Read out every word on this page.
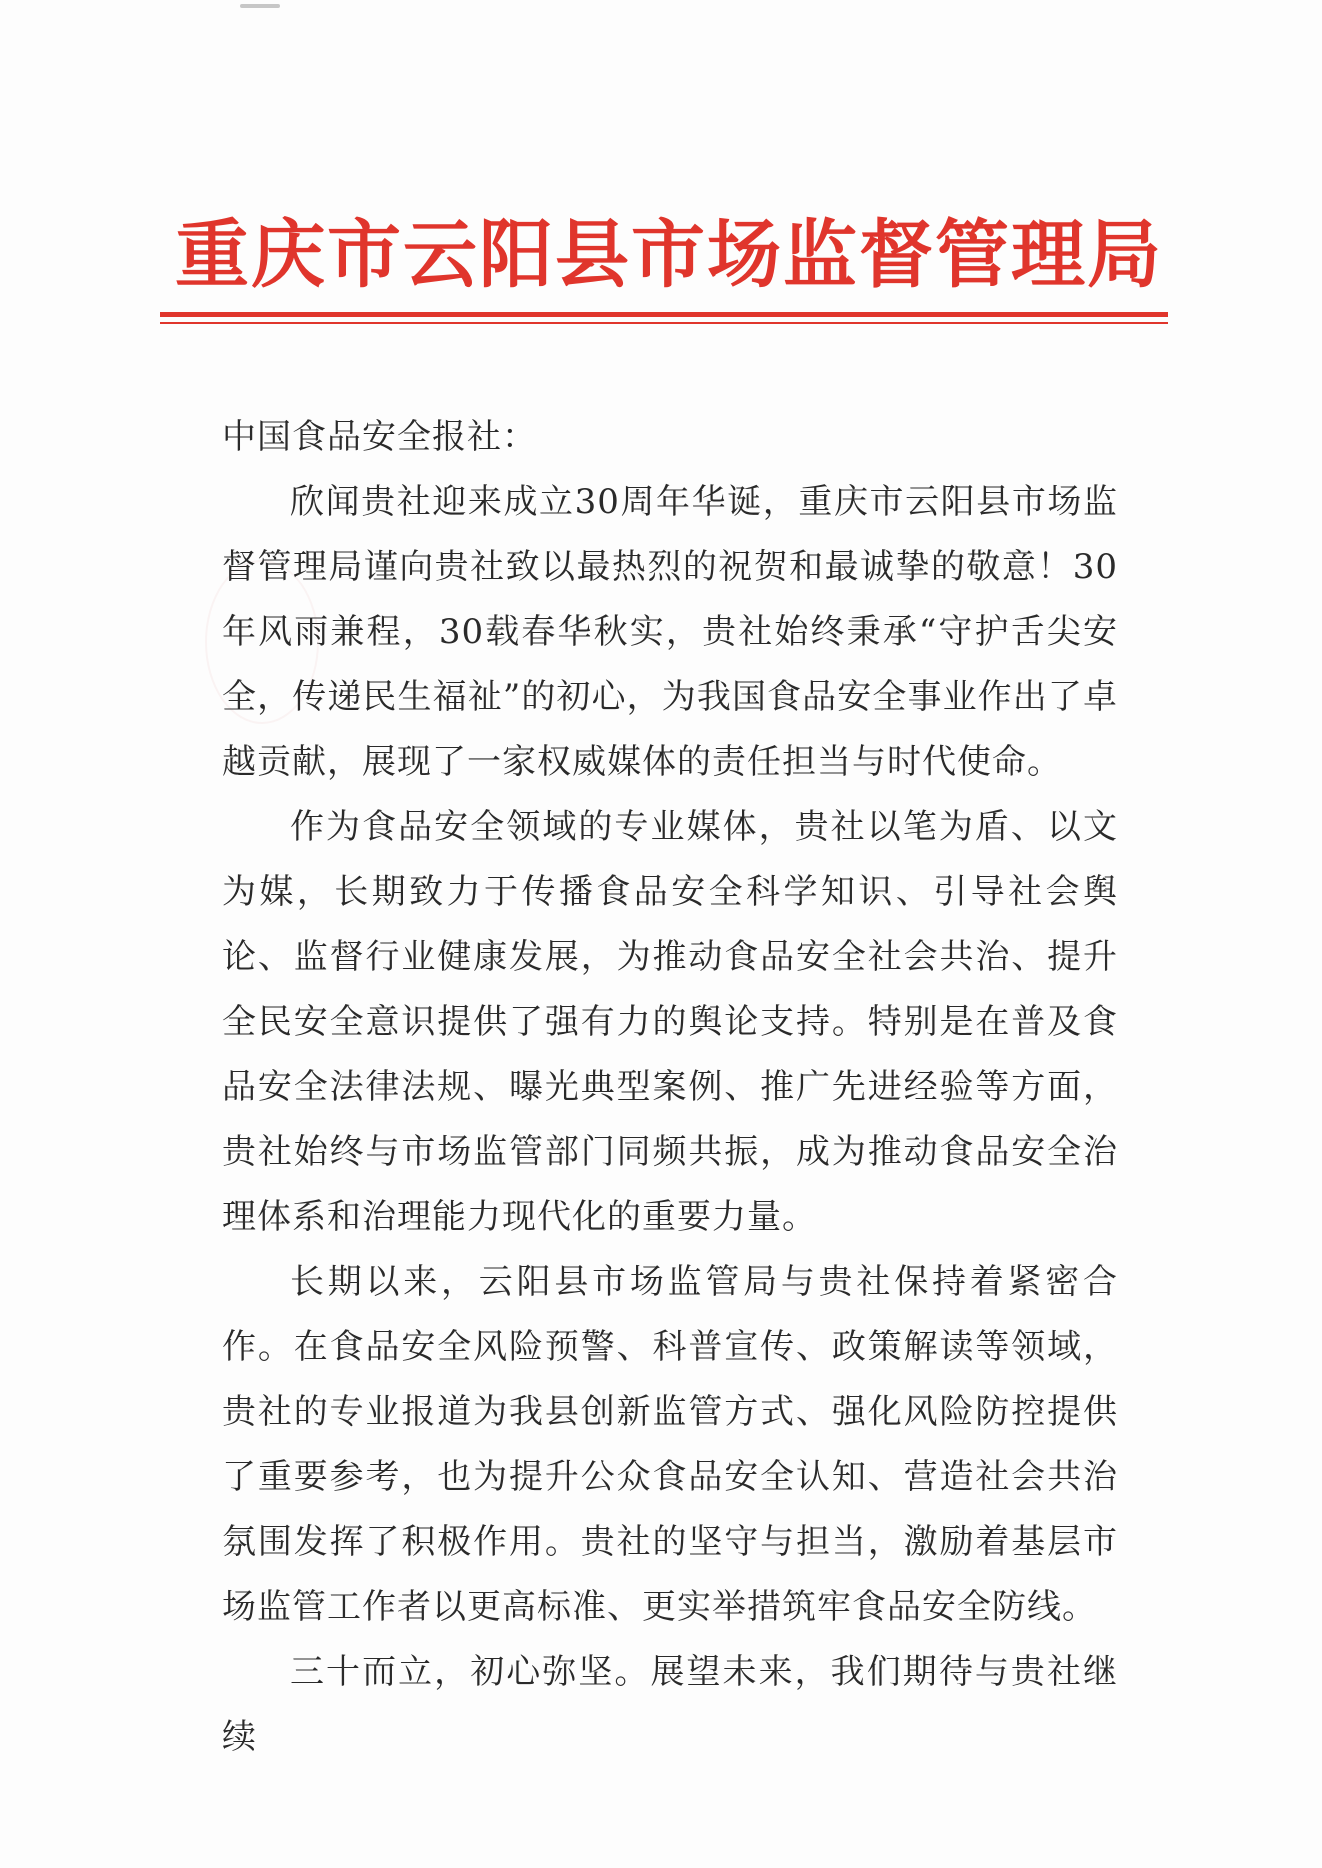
重庆市云阳县市场监督管理局

中国食品安全报社：

欣闻贵社迎来成立30周年华诞，重庆市云阳县市场监督管理局谨向贵社致以最热烈的祝贺和最诚挚的敬意！30年风雨兼程，30载春华秋实，贵社始终秉承“守护舌尖安全，传递民生福祉”的初心，为我国食品安全事业作出了卓越贡献，展现了一家权威媒体的责任担当与时代使命。

作为食品安全领域的专业媒体，贵社以笔为盾、以文为媒，长期致力于传播食品安全科学知识、引导社会舆论、监督行业健康发展，为推动食品安全社会共治、提升全民安全意识提供了强有力的舆论支持。特别是在普及食品安全法律法规、曝光典型案例、推广先进经验等方面，贵社始终与市场监管部门同频共振，成为推动食品安全治理体系和治理能力现代化的重要力量。

长期以来，云阳县市场监管局与贵社保持着紧密合作。在食品安全风险预警、科普宣传、政策解读等领域，贵社的专业报道为我县创新监管方式、强化风险防控提供了重要参考，也为提升公众食品安全认知、营造社会共治氛围发挥了积极作用。贵社的坚守与担当，激励着基层市场监管工作者以更高标准、更实举措筑牢食品安全防线。

三十而立，初心弥坚。展望未来，我们期待与贵社继续
